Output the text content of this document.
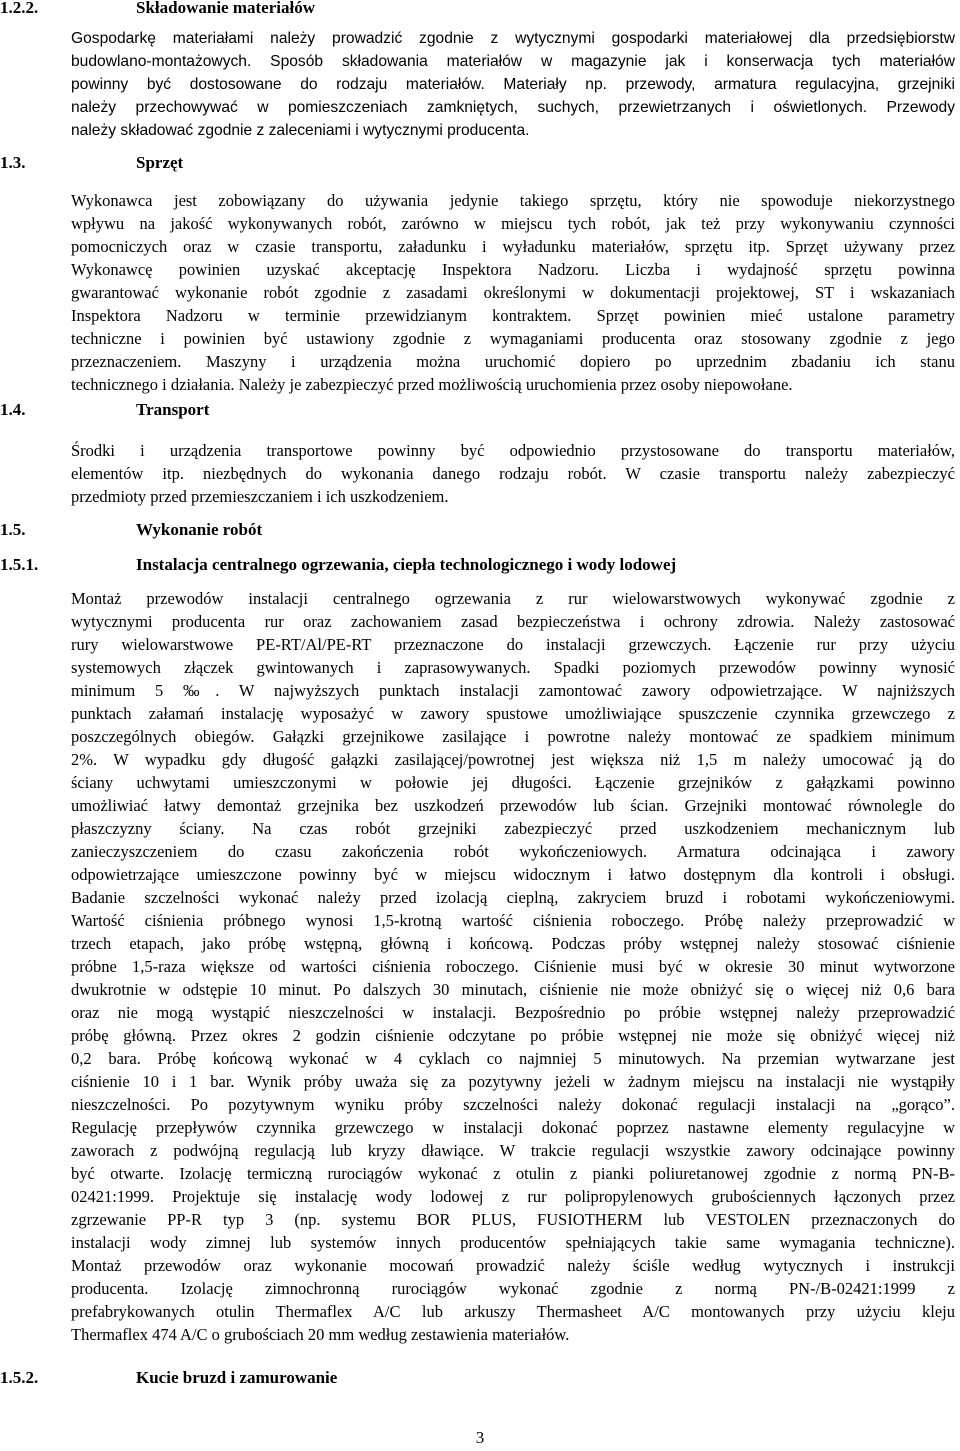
1.2.2.	Składowanie materiałów
Gospodarkę materiałami należy prowadzić zgodnie z wytycznymi gospodarki materiałowej dla przedsiębiorstw
budowlano-montażowych. Sposób składowania materiałów w magazynie jak i konserwacja tych materiałów
powinny być dostosowane do rodzaju materiałów. Materiały np. przewody, armatura regulacyjna, grzejniki
należy przechowywać w pomieszczeniach zamkniętych, suchych, przewietrzanych i oświetlonych. Przewody
należy składować zgodnie z zaleceniami i wytycznymi producenta.
1.3.	Sprzęt
Wykonawca jest zobowiązany do używania jedynie takiego sprzętu, który nie spowoduje niekorzystnego
wpływu na jakość wykonywanych robót, zarówno w miejscu tych robót, jak też przy wykonywaniu czynności
pomocniczych oraz w czasie transportu, załadunku i wyładunku materiałów, sprzętu itp. Sprzęt używany przez
Wykonawcę powinien uzyskać akceptację Inspektora Nadzoru. Liczba i wydajność sprzętu powinna
gwarantować wykonanie robót zgodnie z zasadami określonymi w dokumentacji projektowej, ST i wskazaniach
Inspektora Nadzoru w terminie przewidzianym kontraktem. Sprzęt powinien mieć ustalone parametry
techniczne i powinien być ustawiony zgodnie z wymaganiami producenta oraz stosowany zgodnie z jego
przeznaczeniem. Maszyny i urządzenia można uruchomić dopiero po uprzednim zbadaniu ich stanu
technicznego i działania. Należy je zabezpieczyć przed możliwością uruchomienia przez osoby niepowołane.
1.4.	Transport
Środki i urządzenia transportowe powinny być odpowiednio przystosowane do transportu materiałów,
elementów itp. niezbędnych do wykonania danego rodzaju robót. W czasie transportu należy zabezpieczyć
przedmioty przed przemieszczaniem i ich uszkodzeniem.
1.5.	Wykonanie robót
1.5.1.	Instalacja centralnego ogrzewania, ciepła technologicznego i wody lodowej
Montaż przewodów instalacji centralnego ogrzewania z rur wielowarstwowych wykonywać zgodnie z
wytycznymi producenta rur oraz zachowaniem zasad bezpieczeństwa i ochrony zdrowia. Należy zastosować
rury wielowarstwowe PE-RT/Al/PE-RT przeznaczone do instalacji grzewczych. Łączenie rur przy użyciu
systemowych złączek gwintowanych i zaprasowywanych. Spadki poziomych przewodów powinny wynosić
minimum 5 ‰. W najwyższych punktach instalacji zamontować zawory odpowietrzające. W najniższych
punktach załamań instalację wyposażyć w zawory spustowe umożliwiające spuszczenie czynnika grzewczego z
poszczególnych obiegów. Gałązki grzejnikowe zasilające i powrotne należy montować ze spadkiem minimum
2%. W wypadku gdy długość gałązki zasilającej/powrotnej jest większa niż 1,5 m należy umocować ją do
ściany uchwytami umieszczonymi w połowie jej długości. Łączenie grzejników z gałązkami powinno
umożliwiać łatwy demontaż grzejnika bez uszkodzeń przewodów lub ścian. Grzejniki montować równolegle do
płaszczyzny ściany. Na czas robót grzejniki zabezpieczyć przed uszkodzeniem mechanicznym lub
zanieczyszczeniem do czasu zakończenia robót wykończeniowych. Armatura odcinająca i zawory
odpowietrzające umieszczone powinny być w miejscu widocznym i łatwo dostępnym dla kontroli i obsługi.
Badanie szczelności wykonać należy przed izolacją cieplną, zakryciem bruzd i robotami wykończeniowymi.
Wartość ciśnienia próbnego wynosi 1,5-krotną wartość ciśnienia roboczego. Próbę należy przeprowadzić w
trzech etapach, jako próbę wstępną, główną i końcową. Podczas próby wstępnej należy stosować ciśnienie
próbne 1,5-raza większe od wartości ciśnienia roboczego. Ciśnienie musi być w okresie 30 minut wytworzone
dwukrotnie w odstępie 10 minut. Po dalszych 30 minutach, ciśnienie nie może obniżyć się o więcej niż 0,6 bara
oraz nie mogą wystąpić nieszczelności w instalacji. Bezpośrednio po próbie wstępnej należy przeprowadzić
próbę główną. Przez okres 2 godzin ciśnienie odczytane po próbie wstępnej nie może się obniżyć więcej niż
0,2 bara. Próbę końcową wykonać w 4 cyklach co najmniej 5 minutowych. Na przemian wytwarzane jest
ciśnienie 10 i 1 bar. Wynik próby uważa się za pozytywny jeżeli w żadnym miejscu na instalacji nie wystąpiły
nieszczelności. Po pozytywnym wyniku próby szczelności należy dokonać regulacji instalacji na „gorąco”.
Regulację przepływów czynnika grzewczego w instalacji dokonać poprzez nastawne elementy regulacyjne w
zaworach z podwójną regulacją lub kryzy dławiące. W trakcie regulacji wszystkie zawory odcinające powinny
być otwarte. Izolację termiczną rurociągów wykonać z otulin z pianki poliuretanowej zgodnie z normą PN-B-
02421:1999. Projektuje się instalację wody lodowej z rur polipropylenowych grubościennych łączonych przez
zgrzewanie PP-R typ 3 (np. systemu BOR PLUS, FUSIOTHERM lub VESTOLEN przeznaczonych do
instalacji wody zimnej lub systemów innych producentów spełniających takie same wymagania techniczne).
Montaż przewodów oraz wykonanie mocowań prowadzić należy ściśle według wytycznych i instrukcji
producenta. Izolację zimnochronną rurociągów wykonać zgodnie z normą PN-/B-02421:1999 z
prefabrykowanych otulin Thermaflex A/C lub arkuszy Thermasheet A/C montowanych przy użyciu kleju
Thermaflex 474 A/C o grubościach 20 mm według zestawienia materiałów.
1.5.2.	Kucie bruzd i zamurowanie
3
